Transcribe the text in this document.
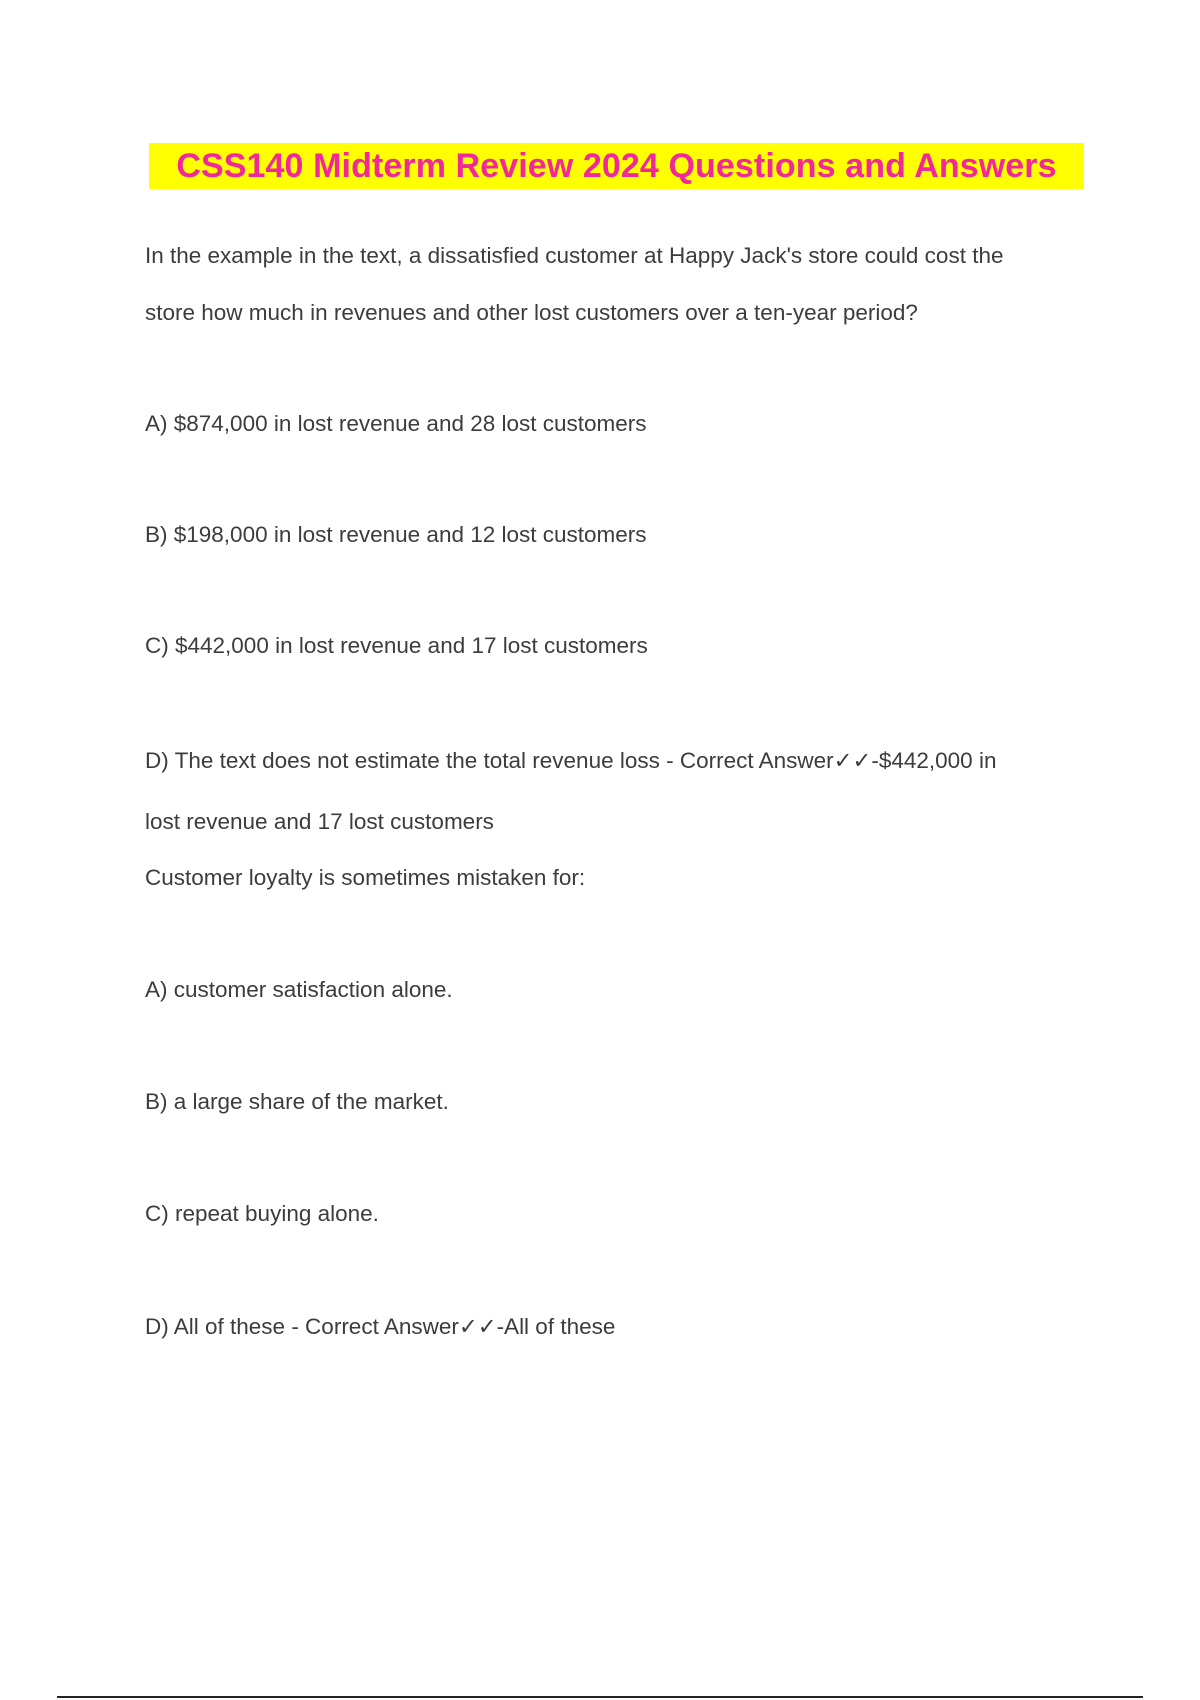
CSS140 Midterm Review 2024 Questions and Answers
In the example in the text, a dissatisfied customer at Happy Jack's store could cost the
store how much in revenues and other lost customers over a ten-year period?
A) $874,000 in lost revenue and 28 lost customers
B) $198,000 in lost revenue and 12 lost customers
C) $442,000 in lost revenue and 17 lost customers
D) The text does not estimate the total revenue loss - Correct Answer✓✓-$442,000 in
lost revenue and 17 lost customers
Customer loyalty is sometimes mistaken for:
A) customer satisfaction alone.
B) a large share of the market.
C) repeat buying alone.
D) All of these - Correct Answer✓✓-All of these
